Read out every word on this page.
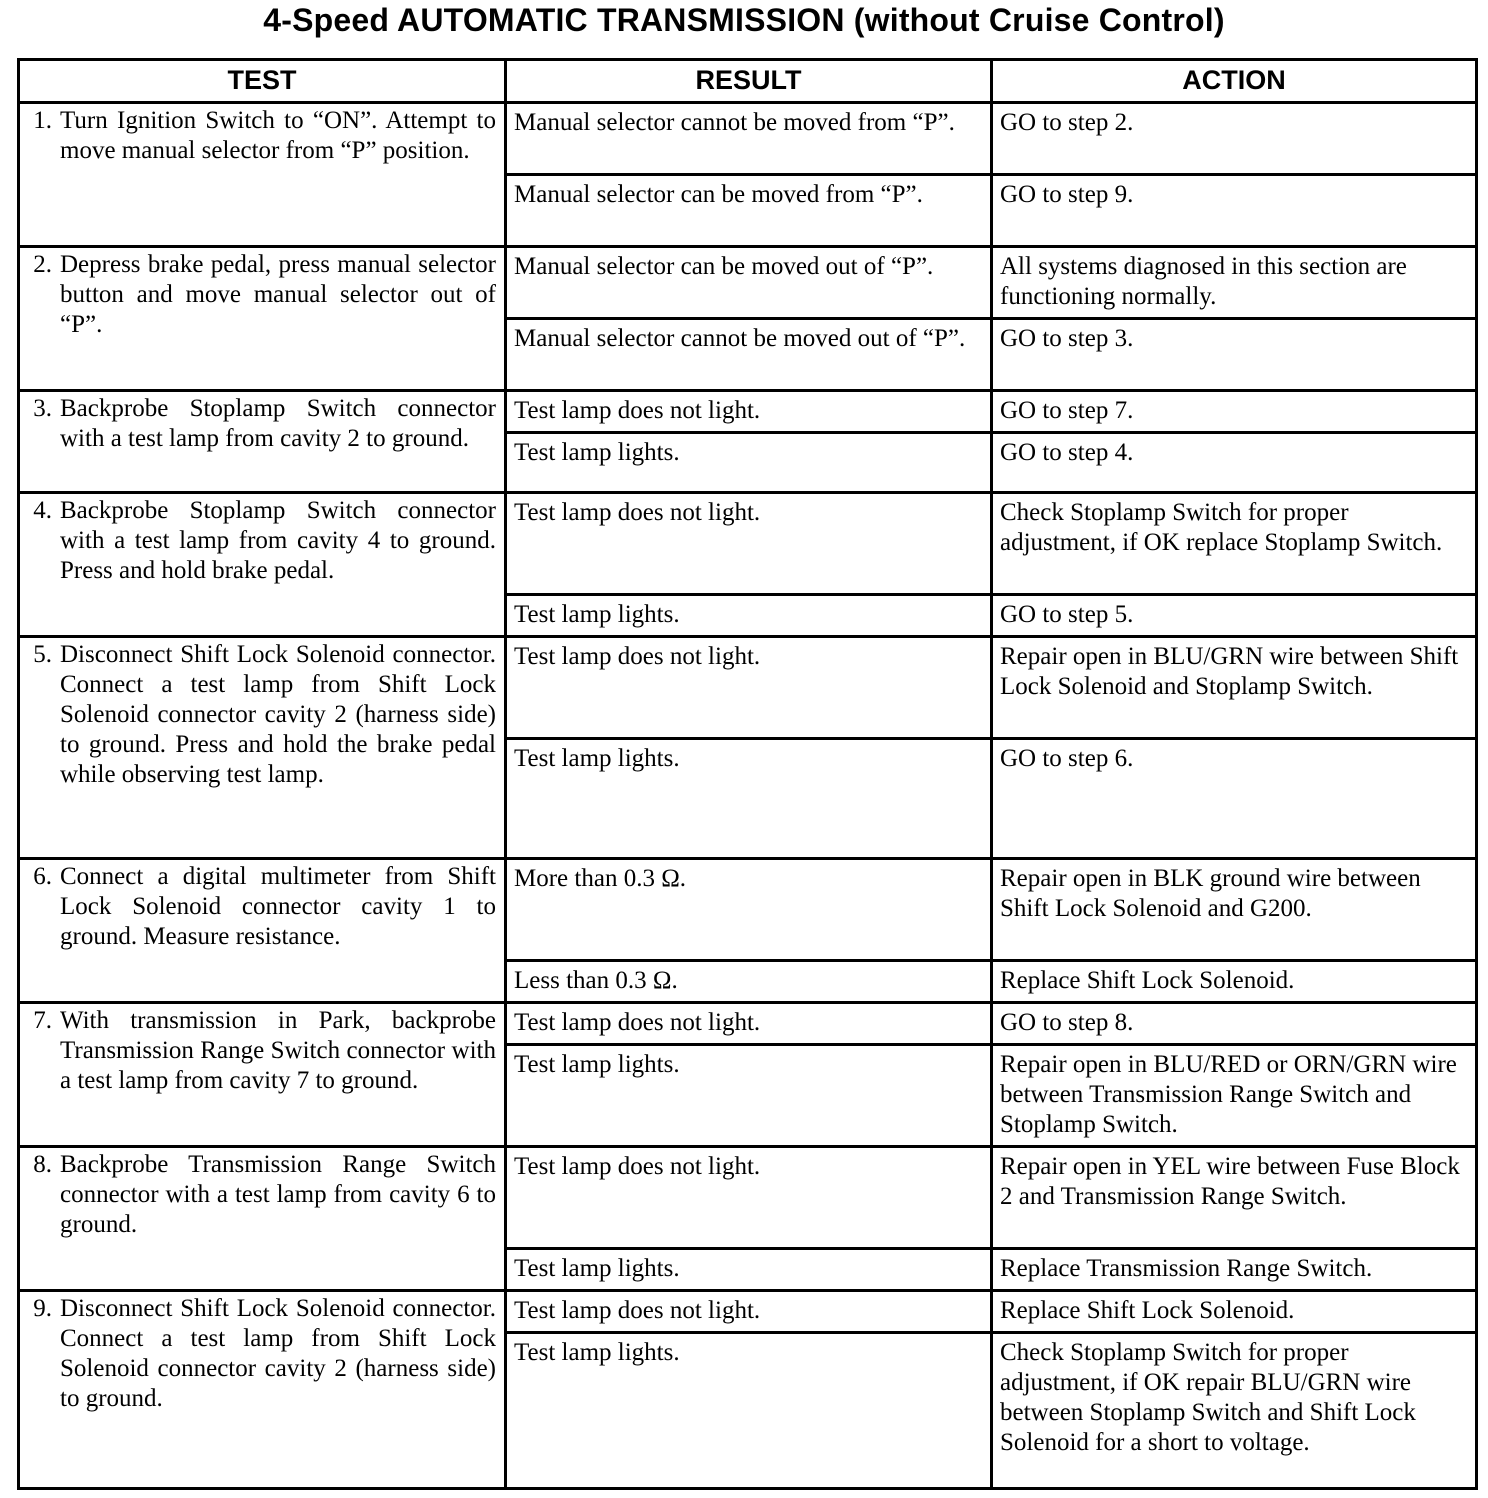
4-Speed AUTOMATIC TRANSMISSION (without Cruise Control)
TEST	RESULT	ACTION

1. Turn Ignition Switch to “ON”. Attempt to move manual selector from “P” position.	Manual selector cannot be moved from “P”.	GO to step 2.
	Manual selector can be moved from “P”.	GO to step 9.

2. Depress brake pedal, press manual selector button and move manual selector out of “P”.	Manual selector can be moved out of “P”.	All systems diagnosed in this section are functioning normally.
	Manual selector cannot be moved out of “P”.	GO to step 3.

3. Backprobe Stoplamp Switch connector with a test lamp from cavity 2 to ground.	Test lamp does not light.	GO to step 7.
	Test lamp lights.	GO to step 4.

4. Backprobe Stoplamp Switch connector with a test lamp from cavity 4 to ground. Press and hold brake pedal.	Test lamp does not light.	Check Stoplamp Switch for proper adjustment, if OK replace Stoplamp Switch.
	Test lamp lights.	GO to step 5.

5. Disconnect Shift Lock Solenoid connector. Connect a test lamp from Shift Lock Solenoid connector cavity 2 (harness side) to ground. Press and hold the brake pedal while observing test lamp.	Test lamp does not light.	Repair open in BLU/GRN wire between Shift Lock Solenoid and Stoplamp Switch.
	Test lamp lights.	GO to step 6.

6. Connect a digital multimeter from Shift Lock Solenoid connector cavity 1 to ground. Measure resistance.	More than 0.3 Ω.	Repair open in BLK ground wire between Shift Lock Solenoid and G200.
	Less than 0.3 Ω.	Replace Shift Lock Solenoid.

7. With transmission in Park, backprobe Transmission Range Switch connector with a test lamp from cavity 7 to ground.	Test lamp does not light.	GO to step 8.
	Test lamp lights.	Repair open in BLU/RED or ORN/GRN wire between Transmission Range Switch and Stoplamp Switch.

8. Backprobe Transmission Range Switch connector with a test lamp from cavity 6 to ground.	Test lamp does not light.	Repair open in YEL wire between Fuse Block 2 and Transmission Range Switch.
	Test lamp lights.	Replace Transmission Range Switch.

9. Disconnect Shift Lock Solenoid connector. Connect a test lamp from Shift Lock Solenoid connector cavity 2 (harness side) to ground.	Test lamp does not light.	Replace Shift Lock Solenoid.
	Test lamp lights.	Check Stoplamp Switch for proper adjustment, if OK repair BLU/GRN wire between Stoplamp Switch and Shift Lock Solenoid for a short to voltage.
